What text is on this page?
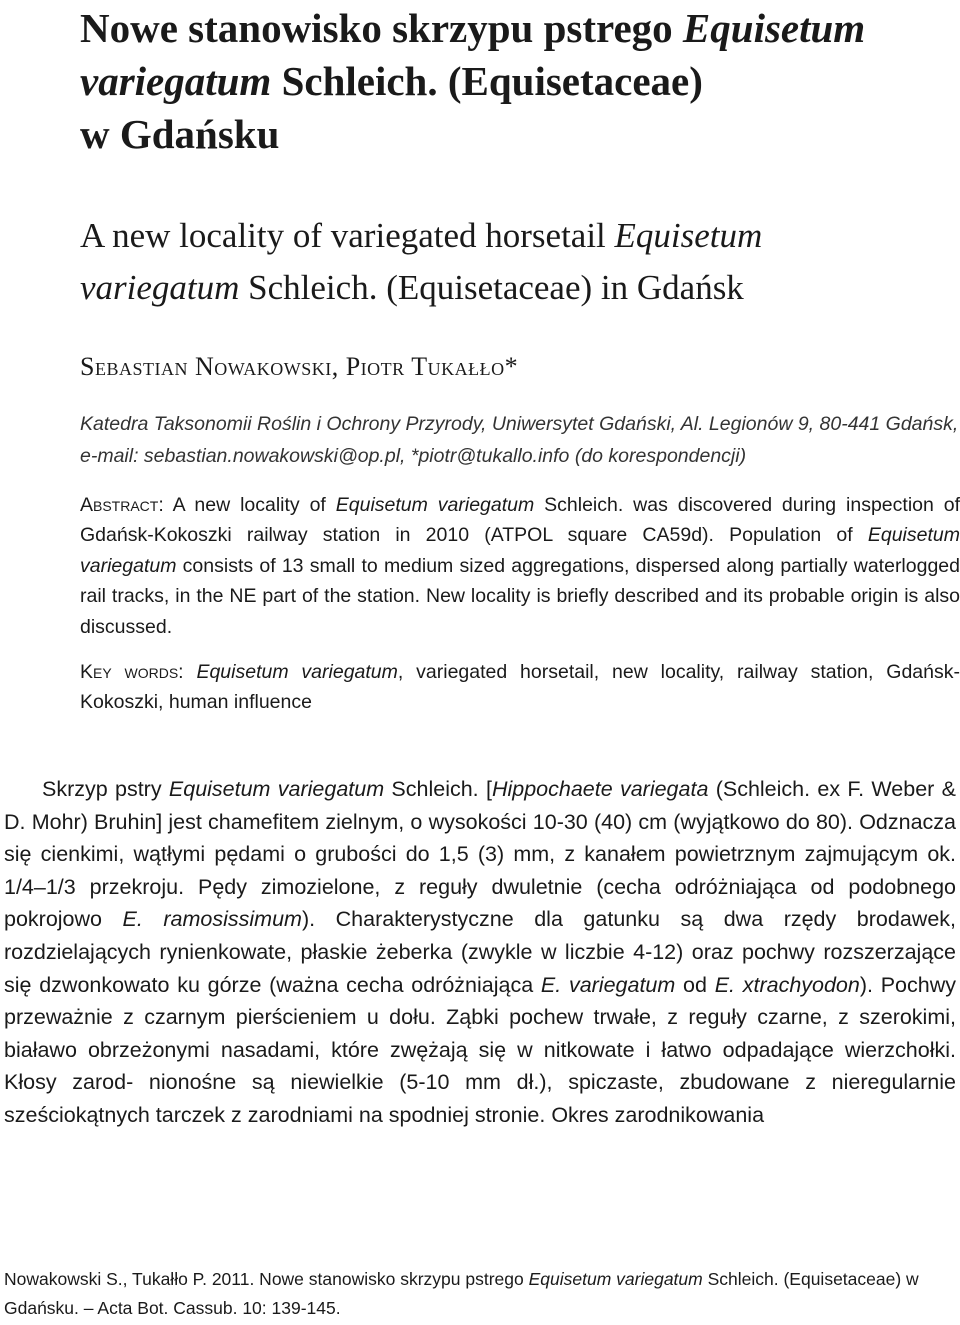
Nowe stanowisko skrzypu pstrego Equisetum
variegatum Schleich. (Equisetaceae)
w Gdańsku
A new locality of variegated horsetail Equisetum
variegatum Schleich. (Equisetaceae) in Gdańsk
Sebastian Nowakowski, Piotr Tukałło*
Katedra Taksonomii Roślin i Ochrony Przyrody, Uniwersytet Gdański, Al. Legionów 9, 80-441 Gdańsk, e-mail: sebastian.nowakowski@op.pl, *piotr@tukallo.info (do korespondencji)
Abstract: A new locality of Equisetum variegatum Schleich. was discovered during inspection of Gdańsk-Kokoszki railway station in 2010 (ATPOL square CA59d). Population of Equisetum variegatum consists of 13 small to medium sized aggregations, dispersed along partially waterlogged rail tracks, in the NE part of the station. New locality is briefly described and its probable origin is also discussed.
Key words: Equisetum variegatum, variegated horsetail, new locality, railway station, Gdańsk-Kokoszki, human influence
Skrzyp pstry Equisetum variegatum Schleich. [Hippochaete variegata (Schleich. ex F. Weber & D. Mohr) Bruhin] jest chamefitem zielnym, o wysokości 10-30 (40) cm (wyjątkowo do 80). Odznacza się cienkimi, wątłymi pędami o grubości do 1,5 (3) mm, z kanałem powietrznym zajmującym ok. 1/4–1/3 przekroju. Pędy zimozielone, z reguły dwuletnie (cecha odróżniająca od podobnego pokrojowo E. ramosissimum). Charakterystyczne dla gatunku są dwa rzędy brodawek, rozdzielających rynienkowate, płaskie żeberka (zwykle w liczbie 4-12) oraz pochwy rozszerzające się dzwonkowato ku górze (ważna cecha odróżniająca E. variegatum od E. xtrachyodon). Pochwy przeważnie z czarnym pierścieniem u dołu. Ząbki pochew trwałe, z reguły czarne, z szerokimi, białawo obrzeżonymi nasadami, które zwężają się w nitkowate i łatwo odpadające wierzchołki. Kłosy zarod- nionośne są niewielkie (5-10 mm dł.), spiczaste, zbudowane z nieregularnie sześciokątnych tarczek z zarodniami na spodniej stronie. Okres zarodnikowania
Nowakowski S., Tukałło P. 2011. Nowe stanowisko skrzypu pstrego Equisetum variegatum Schleich. (Equisetaceae) w Gdańsku. – Acta Bot. Cassub. 10: 139-145.
